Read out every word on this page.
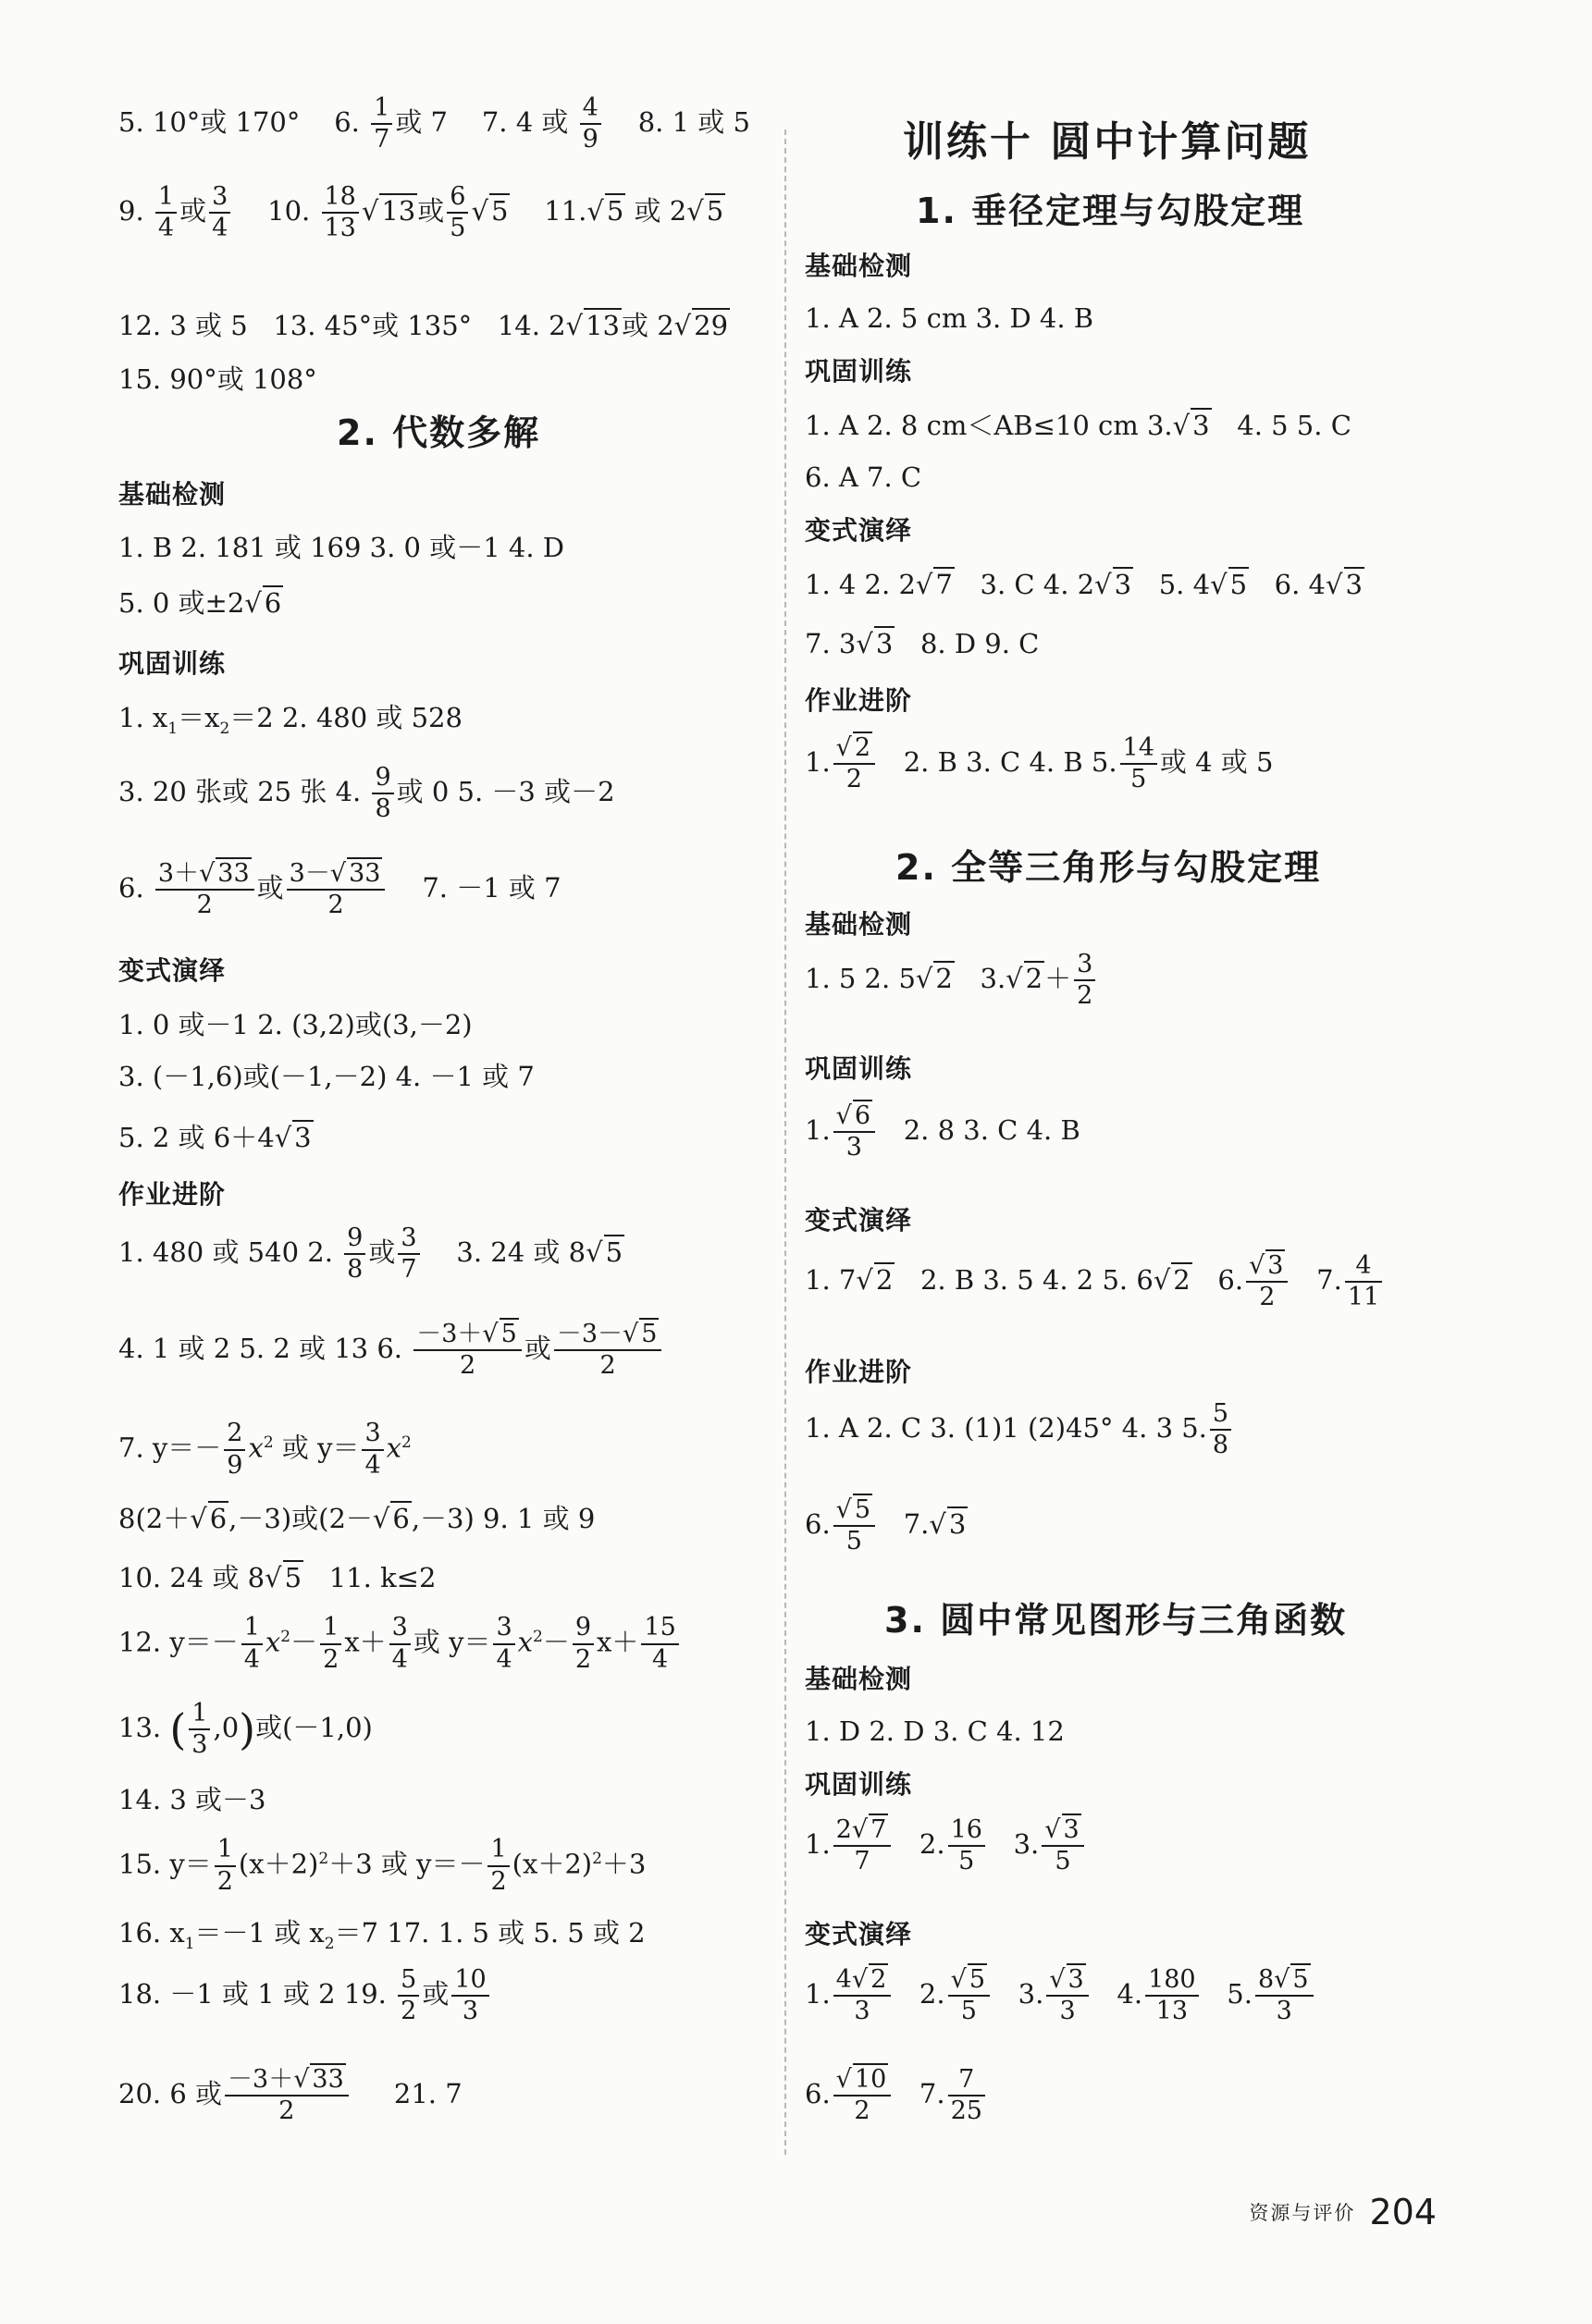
5. 10°或 170° 6. $\frac{1}{7}$ 或 7 7. 4 或 $\frac{4}{9} 8$. 1 或 5
9. $\frac{1}{4}$ 或 $\frac{3}{4} 10$. $\frac{18}{13}$ √ 13或 $\frac{6}{5}$ √ 5 11.√ 5 或 2√ 5
12. 3 或 5 13. 45°或 135° 14. 2√ 13或 2√ 29
15. 90°或 108°
2. 代数多解
基础检测
1. B 2. 181 或 169 3. 0 或－1 4. D
5. 0 或±2√ 6
巩固训练
1. $x_1=x_2=2$ 2. 480 或 528
3. 20 张或 25 张 4. $\frac{9}{8}$ 或 0 5. －3 或－2
6. $\frac{3+√ 33}{2}$ 或 $\frac{3-√ 33}{2} 7$. －1 或 7
变式演绎
1. 0 或－1 2. (3,2)或(3,－2)
3. (－1,6)或(－1,－2) 4. －1 或 7
5. 2 或 6＋4√ 3
作业进阶
1. 480 或 540 2. $\frac{9}{8}$ 或 $\frac{3}{7} 3$. 24 或 8√ 5
4. 1 或 2 5. 2 或 13 6. $\frac{-3+√ 5}{2}$ 或 $\frac{-3-√ 5}{2}$
7. $y=- \frac{2}{9} x^2$ 或 $y= \frac{3}{4} x^2$
8(2＋√ 6,－3)或(2－√ 6,－3) 9. 1 或 9
10. 24 或 8√ 5 11. k≤2
12. $y=- \frac{1}{4} x^2- \frac{1}{2} x+ \frac{3}{4}$ 或 $y= \frac{3}{4} x^2- \frac{9}{2} x+ \frac{15}{4}$
13. ( $\frac{1}{3} ,0$)或(－1,0)
14. 3 或－3
15. $y= \frac{1}{2} (x+2)^2+3$ 或 $y=- \frac{1}{2} (x+2)^2+3$
16. $x_1=-1$ 或 $x_2=7$ 17. 1. 5 或 5. 5 或 2
18. －1 或 1 或 2 19. $\frac{5}{2}$ 或 $\frac{10}{3}$
20. 6 或 $\frac{-3+√ 33}{2} 21$. 7
训练十 圆中计算问题
1. 垂径定理与勾股定理
基础检测
1. A 2. 5 cm 3. D 4. B
巩固训练
1. A 2. 8 cm＜AB≤10 cm 3.√ 3 4. 5 5. C
6. A 7. C
变式演绎
1. 4 2. 2√ 7 3. C 4. 2√ 3 5. 4√ 5 6. 4√ 3
7. 3√ 3 8. D 9. C
作业进阶
1. $\frac{√ 2}{2} 2$. B 3. C 4. B 5. $\frac{14}{5}$ 或 4 或 5
2. 全等三角形与勾股定理
基础检测
1. 5 2. 5√ 2 3.√ $2+ \frac{3}{2}$
巩固训练
1. $\frac{√ 6}{3} 2$. 8 3. C 4. B
变式演绎
1. 7√ 2 2. B 3. 5 4. 2 5. 6√ 2 6. $\frac{√ 3}{2} 7$. $\frac{4}{11}$
作业进阶
1. A 2. C 3. (1)1 (2)45° 4. 3 5. $\frac{5}{8}$
6. $\frac{√ 5}{5} 7.√$ 3
3. 圆中常见图形与三角函数
基础检测
1. D 2. D 3. C 4. 12
巩固训练
1. $\frac{2√ 7}{7} 2$. $\frac{16}{5} 3$. $\frac{√ 3}{5}$
变式演绎
1. $\frac{4√ 2}{3} 2$. $\frac{√ 5}{5} 3$. $\frac{√ 3}{3} 4$. $\frac{180}{13} 5$. $\frac{8√ 5}{3}$
6. $\frac{√ 10}{2} 7$. $\frac{7}{25}$
资源与评价 204
